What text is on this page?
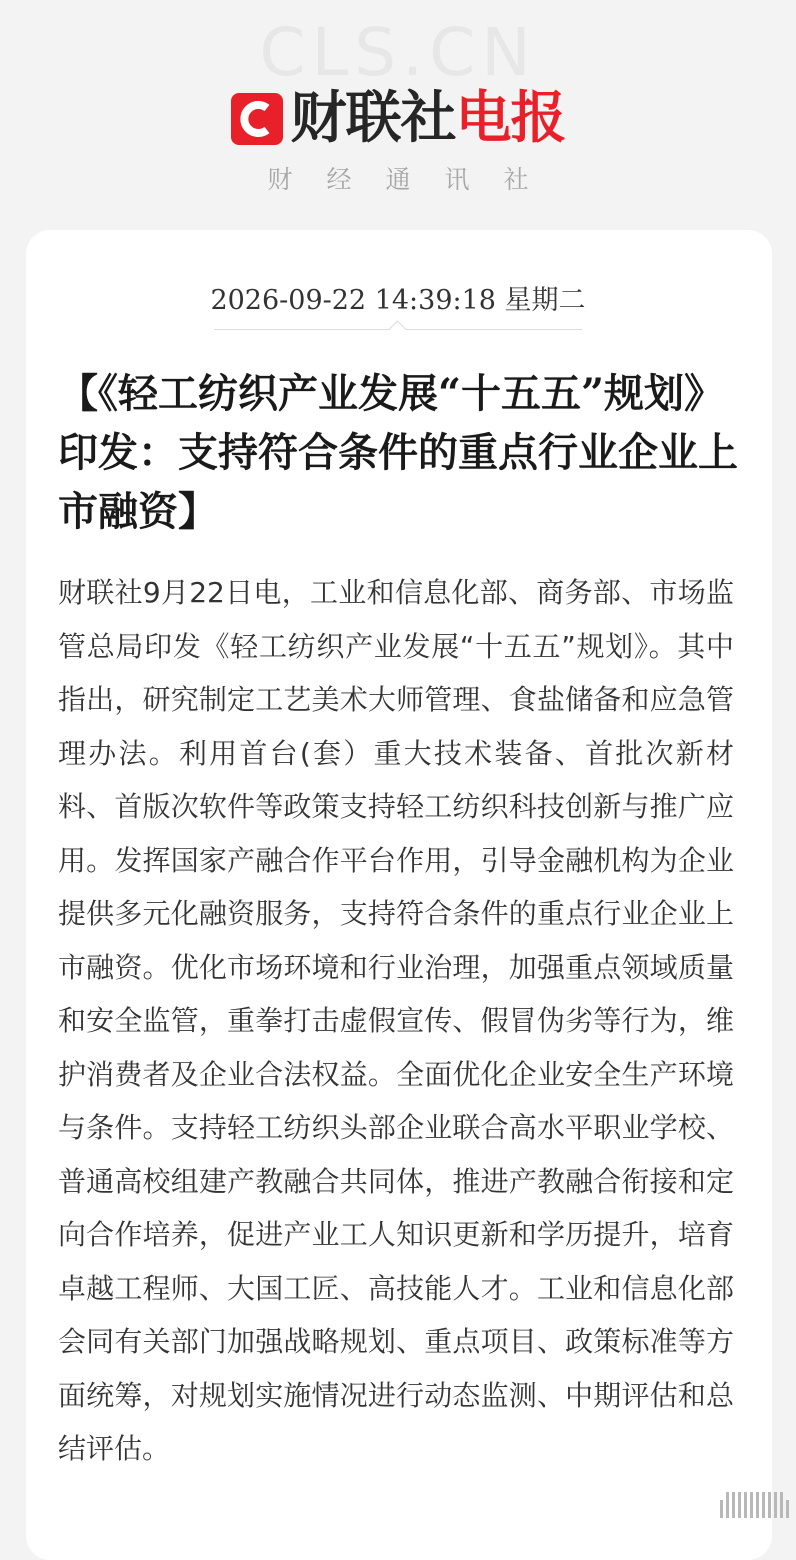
CLS.CN
财联社电报
财经通讯社
2026-09-22 14:39:18 星期二
【《轻工纺织产业发展“十五五”规划》印发：支持符合条件的重点行业企业上市融资】

财联社9月22日电，工业和信息化部、商务部、市场监管总局印发《轻工纺织产业发展“十五五”规划》。其中指出，研究制定工艺美术大师管理、食盐储备和应急管理办法。利用首台(套）重大技术装备、首批次新材料、首版次软件等政策支持轻工纺织科技创新与推广应用。发挥国家产融合作平台作用，引导金融机构为企业提供多元化融资服务，支持符合条件的重点行业企业上市融资。优化市场环境和行业治理，加强重点领域质量和安全监管，重拳打击虚假宣传、假冒伪劣等行为，维护消费者及企业合法权益。全面优化企业安全生产环境与条件。支持轻工纺织头部企业联合高水平职业学校、普通高校组建产教融合共同体，推进产教融合衔接和定向合作培养，促进产业工人知识更新和学历提升，培育卓越工程师、大国工匠、高技能人才。工业和信息化部会同有关部门加强战略规划、重点项目、政策标准等方面统筹，对规划实施情况进行动态监测、中期评估和总结评估。
